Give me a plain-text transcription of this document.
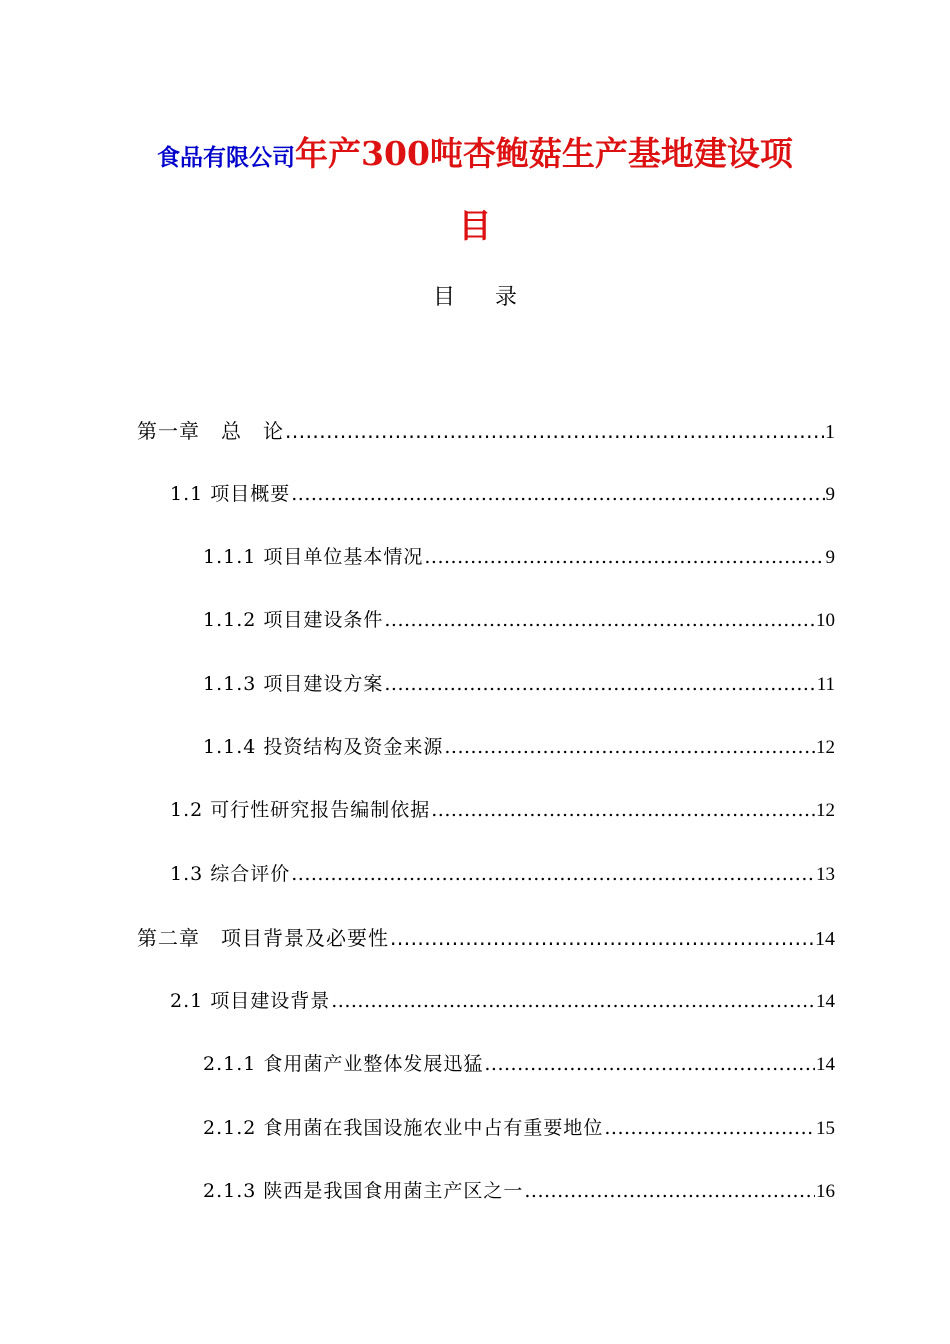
食品有限公司年产300吨杏鲍菇生产基地建设项
目
目录
第一章　总　论 .....	1
1.1 项目概要 .....	9
1.1.1 项目单位基本情况 .....	9
1.1.2 项目建设条件 .....	10
1.1.3 项目建设方案 .....	11
1.1.4 投资结构及资金来源 .....	12
1.2 可行性研究报告编制依据 .....	12
1.3 综合评价 .....	13
第二章　项目背景及必要性 .....	14
2.1 项目建设背景 .....	14
2.1.1 食用菌产业整体发展迅猛 .....	14
2.1.2 食用菌在我国设施农业中占有重要地位 .....	15
2.1.3 陕西是我国食用菌主产区之一 .....	16
